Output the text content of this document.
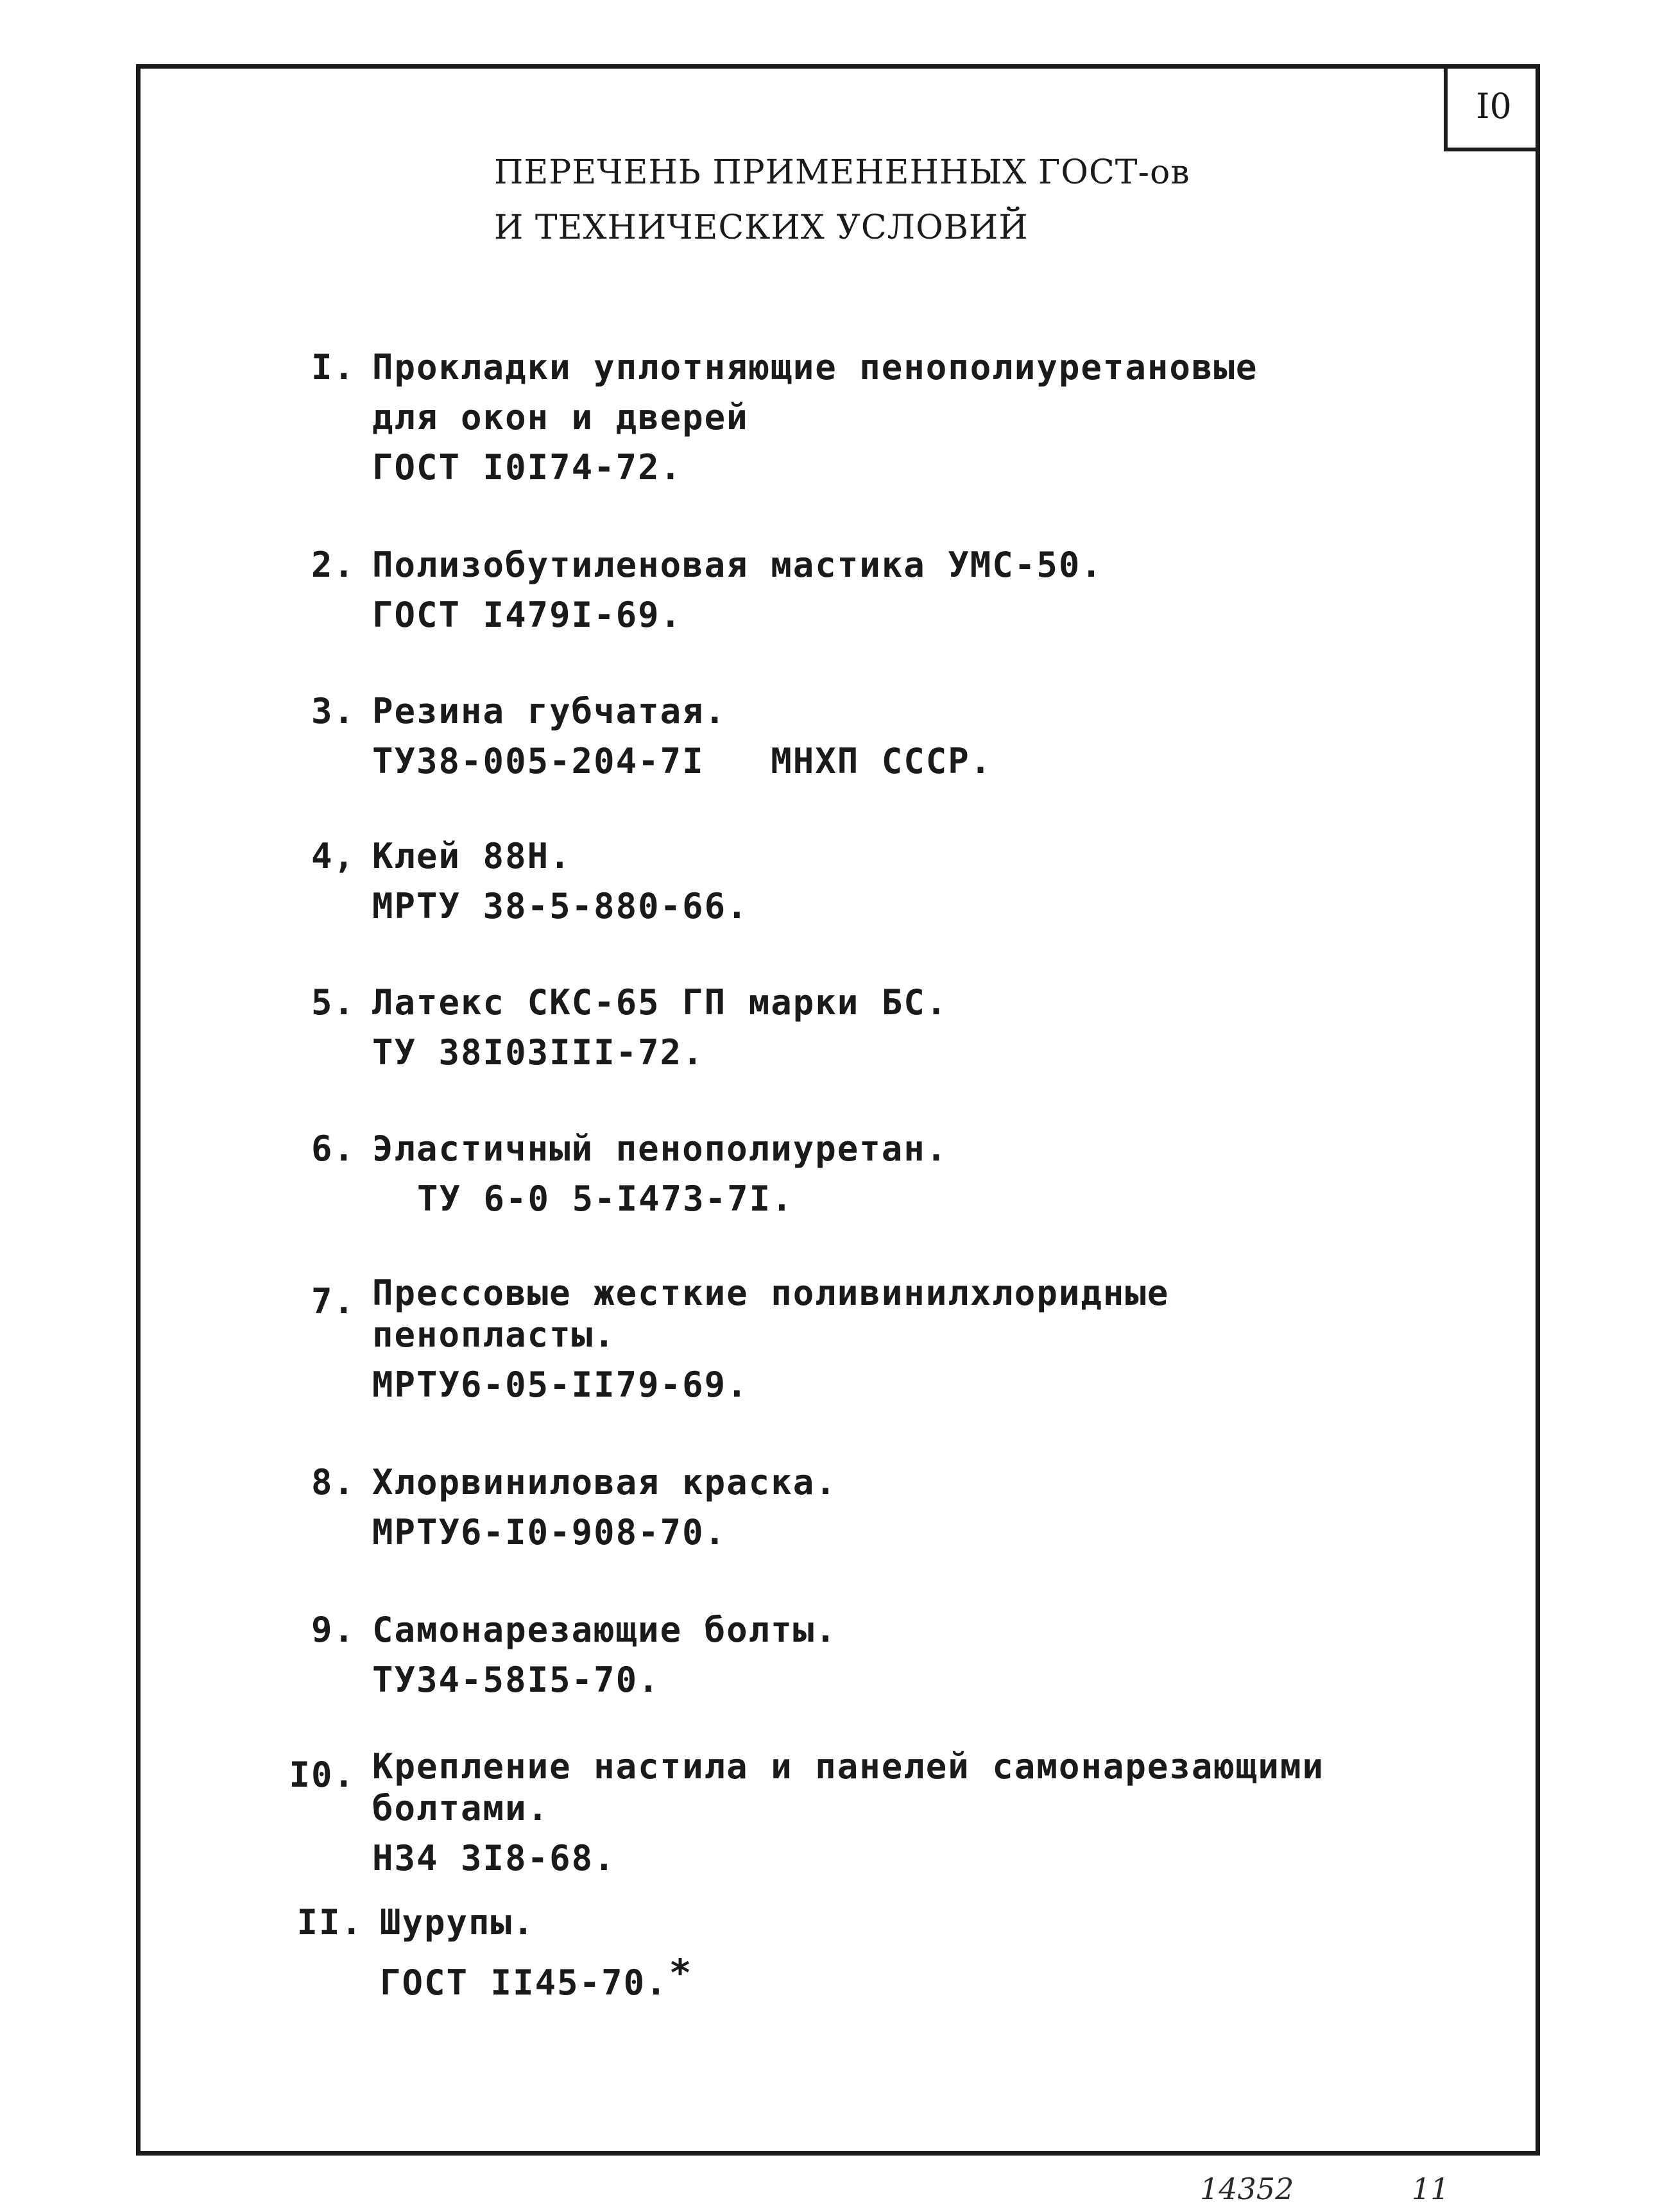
I0
ПЕРЕЧЕНЬ ПРИМЕНЕННЫХ ГОСТ-ов
И ТЕХНИЧЕСКИХ УСЛОВИЙ
I. Прокладки уплотняющие пенополиуретановые
для окон и дверей
ГОСТ I0I74-72.
2. Полизобутиленовая мастика УМС-50.
ГОСТ I479I-69.
3. Резина губчатая.
ТУ38-005-204-7I   МНХП СССР.
4, Клей 88Н.
МРТУ 38-5-880-66.
5. Латекс СКС-65 ГП марки БС.
ТУ 38I03III-72.
6. Эластичный пенополиуретан.
ТУ 6-0 5-I473-7I.
7. Прессовые жесткие поливинилхлоридные
пенопласты.
МРТУ6-05-II79-69.
8. Хлорвиниловая краска.
МРТУ6-I0-908-70.
9. Самонарезающие болты.
ТУ34-58I5-70.
I0. Крепление настила и панелей самонарезающими
болтами.
Н34 3I8-68.
II. Шурупы.
ГОСТ II45-70.*
14352	11
